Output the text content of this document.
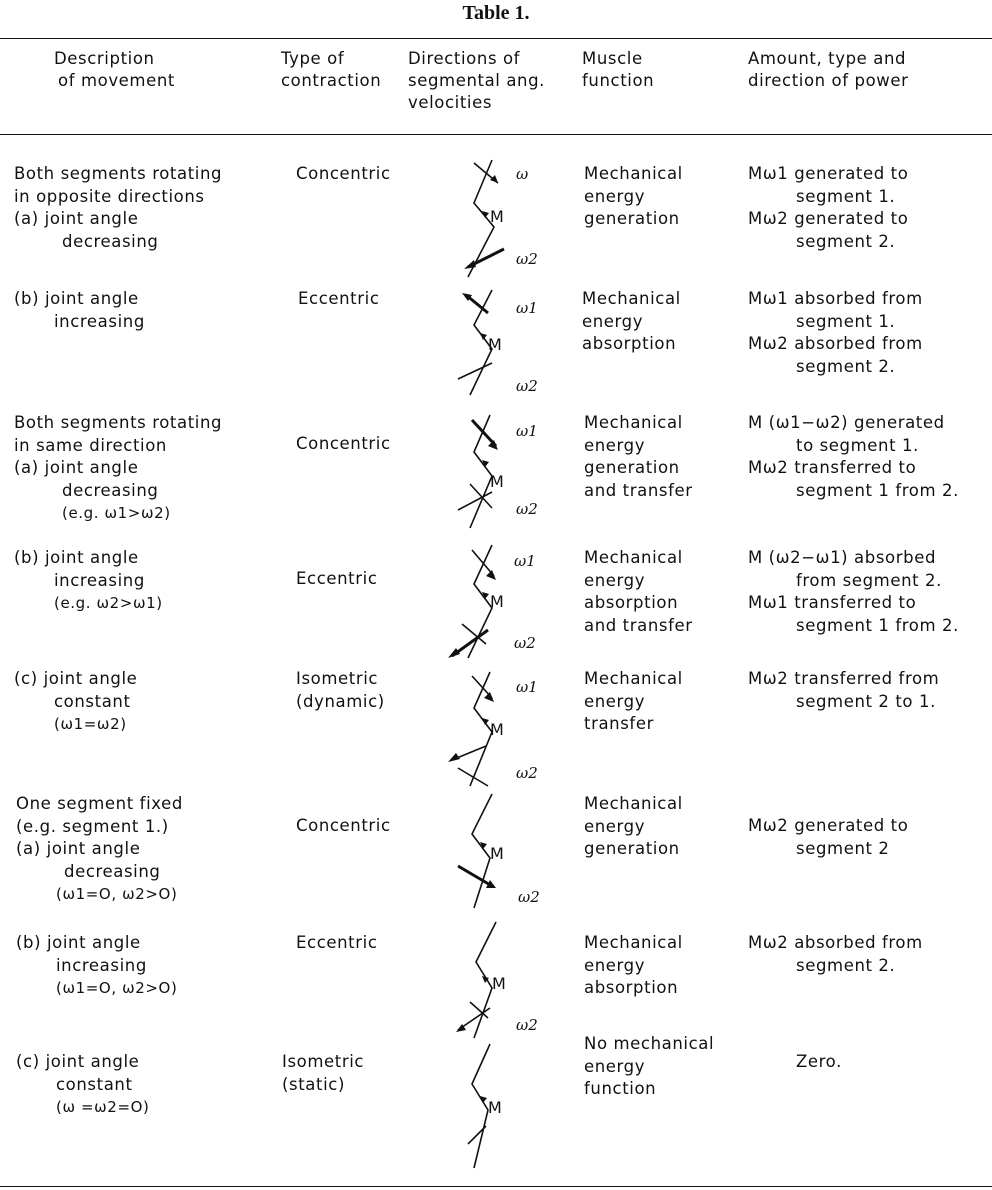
Table 1.
Description
of movement
Type of
contraction
Directions of
segmental ang.
velocities
Muscle
function
Amount, type and
direction of power
Both segments rotating
in opposite directions
(a) joint angle
decreasing
Concentric	ω
M
ω2
Mechanical
energy
generation
Mω1 generated to
segment 1.
Mω2 generated to
segment 2.
(b) joint angle
increasing
Eccentric	ω1
M
ω2
Mechanical
energy
absorption
Mω1 absorbed from
segment 1.
Mω2 absorbed from
segment 2.
Both segments rotating
in same direction
(a) joint angle
decreasing
(e.g. ω1>ω2)
Concentric
ω1
M
ω2
Mechanical
energy
generation
and transfer
M (ω1−ω2) generated
to segment 1.
Mω2 transferred to
segment 1 from 2.
(b) joint angle
increasing
(e.g. ω2>ω1)
Eccentric
ω1
M
ω2
Mechanical
energy
absorption
and transfer
M (ω2−ω1) absorbed
from segment 2.
Mω1 transferred to
segment 1 from 2.
(c) joint angle
constant
(ω1=ω2)
Isometric
(dynamic)
ω1
M
ω2
Mechanical
energy
transfer
Mω2 transferred from
segment 2 to 1.
One segment fixed
(e.g. segment 1.)
(a) joint angle
decreasing
(ω1=O, ω2>O)
Concentric
M
ω2
Mechanical
energy
generation
Mω2 generated to
segment 2
(b) joint angle
increasing
(ω1=O, ω2>O)
Eccentric
M
ω2
Mechanical
energy
absorption
Mω2 absorbed from
segment 2.
(c) joint angle
constant
(ω =ω2=O)
Isometric
(static)
M
No mechanical
energy
function
Zero.
